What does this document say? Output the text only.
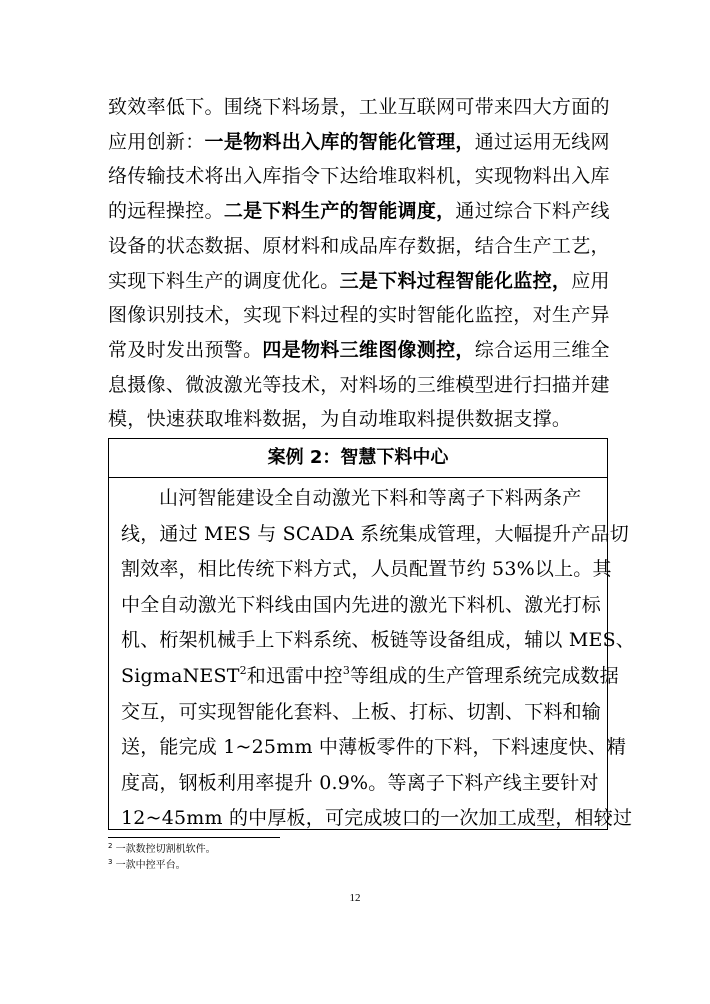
致效率低下。围绕下料场景，工业互联网可带来四大方面的
应用创新：一是物料出入库的智能化管理，通过运用无线网
络传输技术将出入库指令下达给堆取料机，实现物料出入库
的远程操控。二是下料生产的智能调度，通过综合下料产线
设备的状态数据、原材料和成品库存数据，结合生产工艺，
实现下料生产的调度优化。三是下料过程智能化监控，应用
图像识别技术，实现下料过程的实时智能化监控，对生产异
常及时发出预警。四是物料三维图像测控，综合运用三维全
息摄像、微波激光等技术，对料场的三维模型进行扫描并建
模，快速获取堆料数据，为自动堆取料提供数据支撑。
案例 2：智慧下料中心
山河智能建设全自动激光下料和等离子下料两条产
线，通过 MES 与 SCADA 系统集成管理，大幅提升产品切
割效率，相比传统下料方式，人员配置节约 53%以上。其
中全自动激光下料线由国内先进的激光下料机、激光打标
机、桁架机械手上下料系统、板链等设备组成，辅以 MES、
SigmaNEST$^2$和迅雷中控$^3$等组成的生产管理系统完成数据
交互，可实现智能化套料、上板、打标、切割、下料和输
送，能完成 1~25mm 中薄板零件的下料，下料速度快、精
度高，钢板利用率提升 0.9%。等离子下料产线主要针对
12~45mm 的中厚板，可完成坡口的一次加工成型，相较过
$^2$ 一款数控切割机软件。
$^3$ 一款中控平台。
12
